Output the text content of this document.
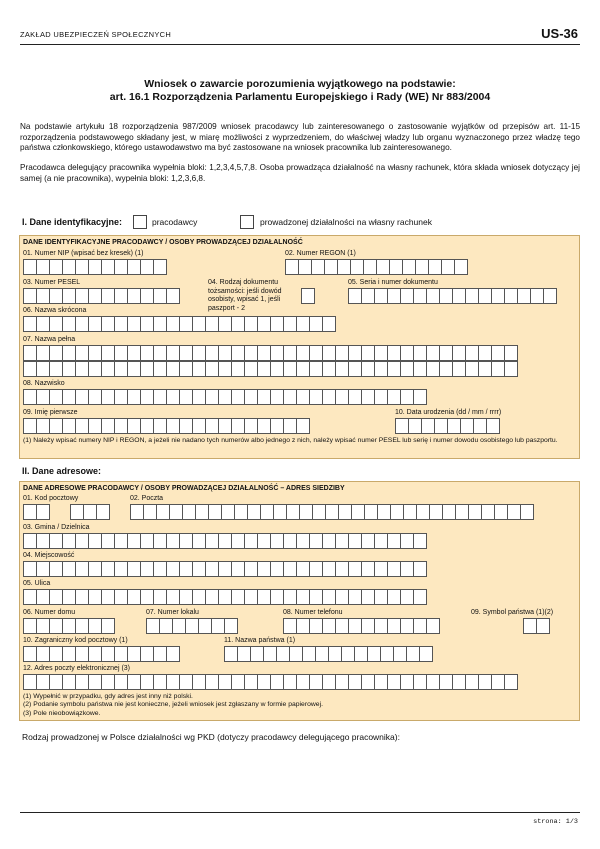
ZAKŁAD UBEZPIECZEŃ SPOŁECZNYCH	US-36
Wniosek o zawarcie porozumienia wyjątkowego na podstawie:
art. 16.1 Rozporządzenia Parlamentu Europejskiego i Rady (WE) Nr 883/2004
Na podstawie artykułu 18 rozporządzenia 987/2009 wniosek pracodawcy lub zainteresowanego o zastosowanie wyjątków od przepisów art. 11-15 rozporządzenia podstawowego składany jest, w miarę możliwości z wyprzedzeniem, do właściwej władzy lub organu wyznaczonego przez władzę tego państwa członkowskiego, którego ustawodawstwo ma być zastosowane na wniosek pracownika lub zainteresowanego.
Pracodawca delegujący pracownika wypełnia bloki: 1,2,3,4,5,7,8. Osoba prowadząca działalność na własny rachunek, która składa wniosek dotyczący jej samej (a nie pracownika), wypełnia bloki: 1,2,3,6,8.
I. Dane identyfikacyjne:	pracodawcy	prowadzonej działalności na własny rachunek
DANE IDENTYFIKACYJNE PRACODAWCY / OSOBY PROWADZĄCEJ DZIAŁALNOŚĆ
01. Numer NIP (wpisać bez kresek) (1)	02. Numer REGON (1)
03. Numer PESEL	04. Rodzaj dokumentu tożsamości: jeśli dowód osobisty, wpisać 1, jeśli paszport - 2
05. Seria i numer dokumentu
06. Nazwa skrócona
07. Nazwa pełna
08. Nazwisko
09. Imię pierwsze	10. Data urodzenia (dd / mm / rrrr)
(1) Należy wpisać numery NIP i REGON, a jeżeli nie nadano tych numerów albo jednego z nich, należy wpisać numer PESEL lub serię i numer dowodu osobistego lub paszportu.
II. Dane adresowe:
DANE ADRESOWE PRACODAWCY / OSOBY PROWADZĄCEJ DZIAŁALNOŚĆ – ADRES SIEDZIBY
01. Kod pocztowy	02. Poczta
03. Gmina / Dzielnica
04. Miejscowość
05. Ulica
06. Numer domu	07. Numer lokalu	08. Numer telefonu	09. Symbol państwa (1)(2)
10. Zagraniczny kod pocztowy (1)	11. Nazwa państwa (1)
12. Adres poczty elektronicznej (3)
(1) Wypełnić w przypadku, gdy adres jest inny niż polski.
(2) Podanie symbolu państwa nie jest konieczne, jeżeli wniosek jest zgłaszany w formie papierowej.
(3) Pole nieobowiązkowe.
Rodzaj prowadzonej w Polsce działalności wg PKD (dotyczy pracodawcy delegującego pracownika):
strona: 1/3
